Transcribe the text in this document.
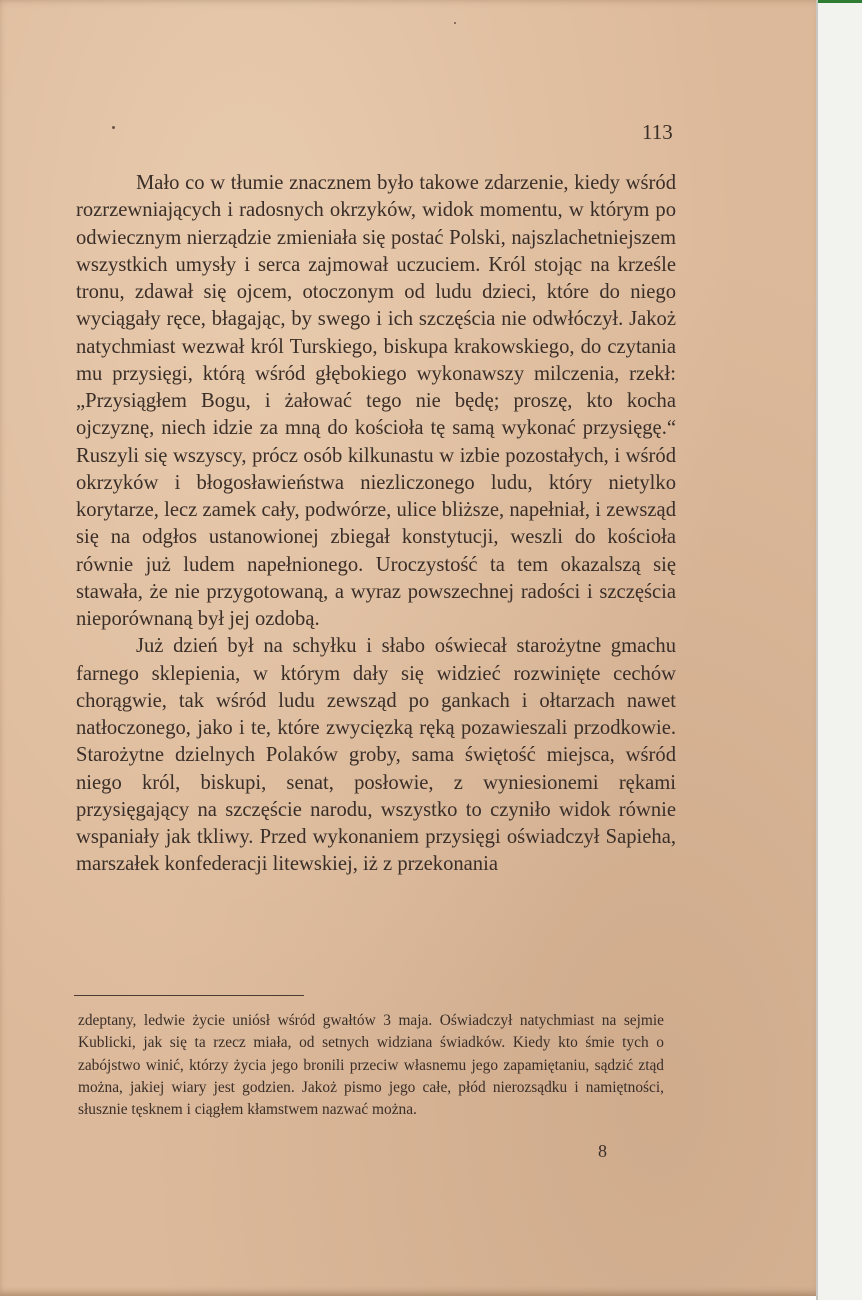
113

Mało co w tłumie znacznem było takowe zdarzenie, kiedy wśród rozrzewniających i radosnych okrzyków, widok momentu, w którym po odwiecznym nierządzie zmieniała się postać Polski, najszlachetniejszem wszystkich umysły i serca zajmował uczuciem. Król stojąc na krześle tronu, zdawał się ojcem, otoczonym od ludu dzieci, które do niego wyciągały ręce, błagając, by swego i ich szczęścia nie odwłóczył. Jakoż natychmiast wezwał król Turskiego, biskupa krakowskiego, do czytania mu przysięgi, którą wśród głębokiego wykonawszy milczenia, rzekł: „Przysiągłem Bogu, i żałować tego nie będę; proszę, kto kocha ojczyznę, niech idzie za mną do kościoła tę samą wykonać przysięgę.“ Ruszyli się wszyscy, prócz osób kilkunastu w izbie pozostałych, i wśród okrzyków i błogosławieństwa niezliczonego ludu, który nietylko korytarze, lecz zamek cały, podwórze, ulice bliższe, napełniał, i zewsząd się na odgłos ustanowionej zbiegał konstytucji, weszli do kościoła równie już ludem napełnionego. Uroczystość ta tem okazalszą się stawała, że nie przygotowaną, a wyraz powszechnej radości i szczęścia nieporównaną był jej ozdobą.

Już dzień był na schyłku i słabo oświecał starożytne gmachu farnego sklepienia, w którym dały się widzieć rozwinięte cechów chorągwie, tak wśród ludu zewsząd po gankach i ołtarzach nawet natłoczonego, jako i te, które zwycięzką ręką pozawieszali przodkowie. Starożytne dzielnych Polaków groby, sama świętość miejsca, wśród niego król, biskupi, senat, posłowie, z wyniesionemi rękami przysięgający na szczęście narodu, wszystko to czyniło widok równie wspaniały jak tkliwy. Przed wykonaniem przysięgi oświadczył Sapieha, marszałek konfederacji litewskiej, iż z przekonania

zdeptany, ledwie życie uniósł wśród gwałtów 3 maja. Oświadczył natychmiast na sejmie Kublicki, jak się ta rzecz miała, od setnych widziana świadków. Kiedy kto śmie tych o zabójstwo winić, którzy życia jego bronili przeciw własnemu jego zapamiętaniu, sądzić ztąd można, jakiej wiary jest godzien. Jakoż pismo jego całe, płód nierozsądku i namiętności, słusznie tęsknem i ciągłem kłamstwem nazwać można.
8
